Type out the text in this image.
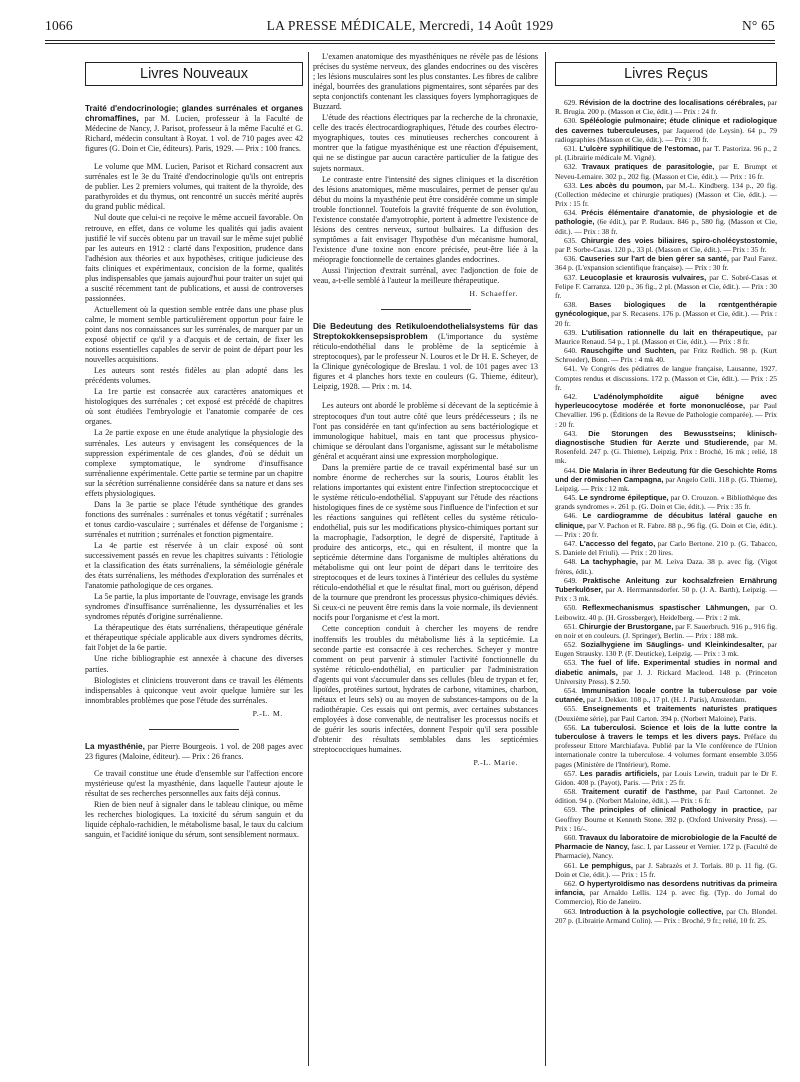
1066	LA PRESSE MÉDICALE, Mercredi, 14 Août 1929	N° 65
Livres Nouveaux

Traité d'endocrinologie; glandes surrénales et organes chromaffines, par M. Lucien, professeur à la Faculté de Médecine de Nancy, J. Parisot, professeur à la même Faculté et G. Richard, médecin consultant à Royat. 1 vol. de 710 pages avec 42 figures (G. Doin et Cie, éditeurs). Paris, 1929. — Prix : 100 francs.

Le volume que MM. Lucien, Parisot et Richard consacrent aux surrénales est le 3e du Traité d'endocrinologie qu'ils ont entrepris de publier. Les 2 premiers volumes, qui traitent de la thyroïde, des parathyroïdes et du thymus, ont rencontré un succès mérité auprès du grand public médical.

Nul doute que celui-ci ne reçoive le même accueil favorable. On retrouve, en effet, dans ce volume les qualités qui jadis avaient justifié le vif succès obtenu par un travail sur le même sujet publié par les auteurs en 1912 : clarté dans l'exposition, prudence dans l'adhésion aux théories et aux hypothèses, critique judicieuse des faits cliniques et expérimentaux, concision de la forme, qualités plus indispensables que jamais aujourd'hui pour traiter un sujet qui a suscité récemment tant de publications, et aussi de controverses passionnées.

Actuellement où la question semble entrée dans une phase plus calme, le moment semble particulièrement opportun pour faire le point dans nos connaissances sur les surrénales, de marquer par un exposé objectif ce qu'il y a d'acquis et de certain, de fixer les notions essentielles capables de servir de point de départ pour les nouvelles acquisitions.

Les auteurs sont restés fidèles au plan adopté dans les précédents volumes.

La 1re partie est consacrée aux caractères anatomiques et histologiques des surrénales ; cet exposé est précédé de chapitres où sont étudiées l'embryologie et l'anatomie comparée de ces organes.

La 2e partie expose en une étude analytique la physiologie des surrénales. Les auteurs y envisagent les conséquences de la suppression expérimentale de ces glandes, d'où se déduit un complexe symptomatique, le syndrome d'insuffisance surrénalienne expérimentale. Cette partie se termine par un chapitre sur la sécrétion surrénalienne considérée dans sa nature et dans ses effets physiologiques.

Dans la 3e partie se place l'étude synthétique des grandes fonctions des surrénales : surrénales et tonus végétatif ; surrénales et tonus cardio-vasculaire ; surrénales et défense de l'organisme ; surrénales et nutrition ; surrénales et fonction pigmentaire.

La 4e partie est réservée à un clair exposé où sont successivement passés en revue les chapitres suivants : l'étiologie et la classification des états surrénaliens, la séméiologie générale des états surrénaliens, les méthodes d'exploration des surrénales et l'anatomie pathologique de ces organes.

La 5e partie, la plus importante de l'ouvrage, envisage les grands syndromes d'insuffisance surrénalienne, les dyssurrénalies et les syndromes réputés d'origine surrénalienne.

La thérapeutique des états surrénaliens, thérapeutique générale et thérapeutique spéciale applicable aux divers syndromes décrits, fait l'objet de la 6e partie.

Une riche bibliographie est annexée à chacune des diverses parties.

Biologistes et cliniciens trouveront dans ce travail les éléments indispensables à quiconque veut avoir quelque lumière sur les innombrables problèmes que pose l'étude des surrénales.

P.-L. M.

La myasthénie, par Pierre Bourgeois. 1 vol. de 208 pages avec 23 figures (Maloine, éditeur). — Prix : 26 francs.

Ce travail constitue une étude d'ensemble sur l'affection encore mystérieuse qu'est la myasthénie, dans laquelle l'auteur ajoute le résultat de ses recherches personnelles aux faits déjà connus.

Rien de bien neuf à signaler dans le tableau clinique, ou même les recherches biologiques. La toxicité du sérum sanguin et du liquide céphalo-rachidien, le métabolisme basal, le taux du calcium sanguin, et l'acidité ionique du sérum, sont sensiblement normaux.

L'examen anatomique des myasthéniques ne révèle pas de lésions précises du système nerveux, des glandes endocrines ou des viscères ; les lésions musculaires sont les plus constantes. Les fibres de calibre inégal, bourrées des granulations pigmentaires, sont séparées par des septa conjonctifs contenant les classiques foyers lymphorragiques de Buzzard.

L'étude des réactions électriques par la recherche de la chronaxie, celle des tracés électrocardiographiques, l'étude des courbes électro-myographiques, toutes ces minutieuses recherches concourent à montrer que la fatigue myasthénique est une réaction d'épuisement, qui ne se distingue par aucun caractère particulier de la fatigue des sujets normaux.

Le contraste entre l'intensité des signes cliniques et la discrétion des lésions anatomiques, même musculaires, permet de penser qu'au début du moins la myasthénie peut être considérée comme un simple trouble fonctionnel. Toutefois la gravité fréquente de son évolution, l'existence constatée d'amyotrophie, portent à admettre l'existence de lésions des centres nerveux, surtout bulbaires. La diffusion des symptômes a fait envisager l'hypothèse d'un mécanisme humoral, l'existence d'une toxine non encore précisée, peut-être liée à la méiopragie fonctionnelle de certaines glandes endocrines.

Aussi l'injection d'extrait surrénal, avec l'adjonction de foie de veau, a-t-elle semblé à l'auteur la meilleure thérapeutique.

H. Schaeffer.

Die Bedeutung des Retikuloendothelialsystems für das Streptokokkensepsisproblem (L'importance du système réticulo-endothélial dans le problème de la septicémie à streptocoques), par le professeur N. Louros et le Dr H. E. Scheyer, de la Clinique gynécologique de Breslau. 1 vol. de 101 pages avec 13 figures et 4 planches hors texte en couleurs (G. Thieme, éditeur), Leipzig, 1928. — Prix : m. 14.

Les auteurs ont abordé le problème si décevant de la septicémie à streptocoques d'un tout autre côté que leurs prédécesseurs ; ils ne l'ont pas considérée en tant qu'infection au sens bactériologique et immunologique habituel, mais en tant que processus physico-chimique se déroulant dans l'organisme, agissant sur le métabolisme général et acquérant ainsi une expression morphologique.

Dans la première partie de ce travail expérimental basé sur un nombre énorme de recherches sur la souris, Louros établit les relations importantes qui existent entre l'infection streptococcique et le système réticulo-endothélial. S'appuyant sur l'étude des réactions histologiques fines de ce système sous l'influence de l'infection et sur les réactions sanguines qui reflètent celles du système réticulo-endothélial, puis sur les modifications physico-chimiques portant sur la macrophagie, l'adsorption, le degré de dispersité, l'aptitude à produire des anticorps, etc., qui en résultent, il montre que la septicémie détermine dans l'organisme de multiples altérations du métabolisme qui ont leur point de départ dans le territoire des streptocoques et de leurs toxines à l'intérieur des cellules du système réticulo-endothélial et que le résultat final, mort ou guérison, dépend de la tournure que prendront les processus physico-chimiques déviés. Si ceux-ci ne peuvent être remis dans la voie normale, ils deviennent nocifs pour l'organisme et c'est la mort.

Cette conception conduit à chercher les moyens de rendre inoffensifs les troubles du métabolisme liés à la septicémie. La seconde partie est consacrée à ces recherches. Scheyer y montre comment on peut parvenir à stimuler l'activité fonctionnelle du système réticulo-endothélial, en particulier par l'administration d'agents qui vont s'accumuler dans ses cellules (bleu de trypan et fer, lipoïdes, protéines surtout, hydrates de carbone, vitamines, charbon, métaux et leurs sels) ou au moyen de substances-tampons ou de la radiothérapie. Ces essais qui ont permis, avec certaines substances employées à dose convenable, de neutraliser les processus nocifs et de guérir les souris infectées, donnent l'espoir qu'il sera possible d'obtenir des résultats semblables dans les septicémies streptococciques humaines.

P.-L. Marie.
Livres Reçus

629. Révision de la doctrine des localisations cérébrales, par R. Brugia. 200 p. (Masson et Cie, édit.) — Prix : 24 fr.

630. Spéléologie pulmonaire; étude clinique et radiologique des cavernes tuberculeuses, par Jaquerod (de Leysin). 64 p., 79 radiographies (Masson et Cie, édit.). — Prix : 30 fr.

631. L'ulcère syphilitique de l'estomac, par T. Pastoriza. 96 p., 2 pl. (Librairie médicale M. Vigné).

632. Travaux pratiques de parasitologie, par E. Brumpt et Neveu-Lemaire. 302 p., 202 fig. (Masson et Cie, édit.). — Prix : 16 fr.

633. Les abcès du poumon, par M.-L. Kindberg. 134 p., 20 fig. (Collection médecine et chirurgie pratiques) (Masson et Cie, édit.). — Prix : 15 fr.

634. Précis élémentaire d'anatomie, de physiologie et de pathologie, (6e édit.), par P. Rudaux. 846 p., 580 fig. (Masson et Cie, édit.). — Prix : 38 fr.

635. Chirurgie des voies biliaires, spiro-cholécystostomie, par P. Sorbe-Casas. 120 p., 33 pl. (Masson et Cie, édit.). — Prix : 35 fr.

636. Causeries sur l'art de bien gérer sa santé, par Paul Farez. 364 p. (L'expansion scientifique française). — Prix : 30 fr.

637. Leucoplasie et kraurosis vulvaires, par C. Sobré-Casas et Felipe F. Carranza. 120 p., 36 fig., 2 pl. (Masson et Cie, édit.). — Prix : 30 fr.

638. Bases biologiques de la rœntgenthérapie gynécologique, par S. Recasens. 176 p. (Masson et Cie, édit.). — Prix : 20 fr.

639. L'utilisation rationnelle du lait en thérapeutique, par Maurice Renaud. 54 p., 1 pl. (Masson et Cie, édit.). — Prix : 8 fr.

640. Rauschgifte und Suchten, par Fritz Redlich. 98 p. (Kurt Schroeder), Bonn. — Prix : 4 mk 40.

641. Ve Congrès des pédiatres de langue française, Lausanne, 1927. Comptes rendus et discussions. 172 p. (Masson et Cie, édit.). — Prix : 25 fr.

642. L'adénolymphoïdite aiguë bénigne avec hyperleucocytose modérée et forte mononucléose, par Paul Chevallier. 196 p. (Éditions de la Revue de Pathologie comparée). — Prix : 20 fr.

643. Die Storungen des Bewusstseins; klinisch-diagnostische Studien für Aerzte und Studierende, par M. Rosenfeld. 247 p. (G. Thieme), Leipzig. Prix : Broché, 16 mk ; relié, 18 mk.

644. Die Malaria in ihrer Bedeutung für die Geschichte Roms und der römischen Campagna, par Angelo Celli. 118 p. (G. Thieme), Leipzig. — Prix : 12 mk.

645. Le syndrome épileptique, par O. Crouzon. « Bibliothèque des grands syndromes ». 261 p. (G. Doin et Cie, édit.). — Prix : 35 fr.

646. Le cardiogramme de décubitus latéral gauche en clinique, par V. Pachon et R. Fabre. 88 p., 96 fig. (G. Doin et Cie, édit.). — Prix : 20 fr.

647. L'accesso del fegato, par Carlo Bertone. 210 p. (G. Tabacco, S. Daniele del Friuli). — Prix : 20 lires.

648. La tachyphagie, par M. Leiva Daza. 38 p. avec fig. (Vigot frères, édit.).

649. Praktische Anleitung zur kochsalzfreien Ernährung Tuberkulöser, par A. Herrmannsdorfer. 50 p. (J. A. Barth), Leipzig. — Prix : 3 mk.

650. Reflexmechanismus spastischer Lähmungen, par O. Leibowitz. 40 p. (H. Grossberger), Heidelberg. — Prix : 2 mk.

651. Chirurgie der Brustorgane, par F. Sauerbruch. 916 p., 916 fig. en noir et en couleurs. (J. Springer), Berlin. — Prix : 188 mk.

652. Sozialhygiene im Säuglings- und Kleinkindesalter, par Eugen Strausky. 130 P. (F. Deuticke), Leipzig. — Prix : 3 mk.

653. The fuel of life. Experimental studies in normal and diabetic animals, par J. J. Rickard Macleod. 148 p. (Princeton University Press). $ 2.50.

654. Immunisation locale contre la tuberculose par voie cutanée, par J. Dekker. 108 p., 17 pl. (H. J. Paris), Amsterdam.

655. Enseignements et traitements naturistes pratiques (Deuxième série), par Paul Carton. 394 p. (Norbert Maloine), Paris.

656. La tuberculosi. Science et lois de la lutte contre la tuberculose à travers le temps et les divers pays. Préface du professeur Ettore Marchiafava. Publié par la VIe conférence de l'Union internationale contre la tuberculose. 4 volumes formant ensemble 3.056 pages (Ministère de l'Intérieur), Rome.

657. Les paradis artificiels, par Louis Lewin, traduit par le Dr F. Gidon. 408 p. (Payot), Paris. — Prix : 25 fr.

658. Traitement curatif de l'asthme, par Paul Cartonnet. 2e édition. 94 p. (Norbert Maloine, édit.). — Prix : 6 fr.

659. The principles of clinical Pathology in practice, par Geoffrey Bourne et Kenneth Stone. 392 p. (Oxford University Press). — Prix : 16/-.

660. Travaux du laboratoire de microbiologie de la Faculté de Pharmacie de Nancy, fasc. I, par Lasseur et Vernier. 172 p. (Faculté de Pharmacie), Nancy.

661. Le pemphigus, par J. Sabrazès et J. Torlais. 80 p. 11 fig. (G. Doin et Cie, édit.). — Prix : 15 fr.

662. O hypertyroïdismo nas desordens nutritivas da primeira infancia, par Arnaldo Lellis. 124 p. avec fig. (Typ. do Jornal do Commercio), Rio de Janeiro.

663. Introduction à la psychologie collective, par Ch. Blondel. 207 p. (Librairie Armand Colin). — Prix : Broché, 9 fr.; relié, 10 fr. 25.
